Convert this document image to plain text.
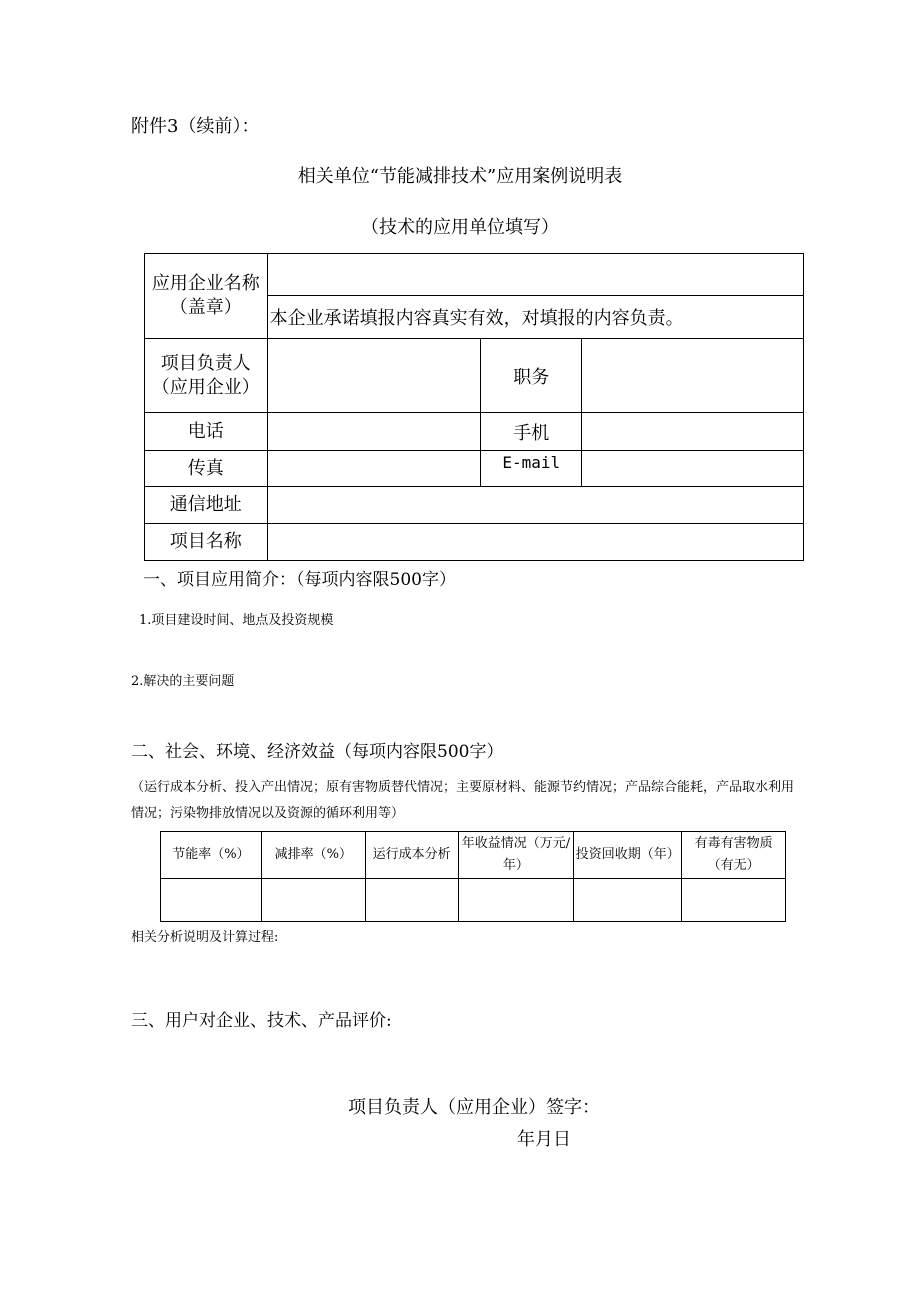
附件3（续前）：
相关单位“节能减排技术”应用案例说明表
（技术的应用单位填写）
应用企业名称（盖章）			
	本企业承诺填报内容真实有效，对填报的内容负责。		
项目负责人（应用企业）		职务	
电话		手机	
传真		E-mail	
通信地址			
项目名称			
一、项目应用简介：（每项内容限500字）
1.项目建设时间、地点及投资规模
2.解决的主要问题
二、社会、环境、经济效益（每项内容限500字）
（运行成本分析、投入产出情况；原有害物质替代情况；主要原材料、能源节约情况；产品综合能耗，产品取水利用情况；污染物排放情况以及资源的循环利用等）
节能率（%）	减排率（%）	运行成本分析	年收益情况（万元/年）	投资回收期（年）	有毒有害物质（有无）

相关分析说明及计算过程:
三、用户对企业、技术、产品评价:
项目负责人（应用企业）签字：
年月日
